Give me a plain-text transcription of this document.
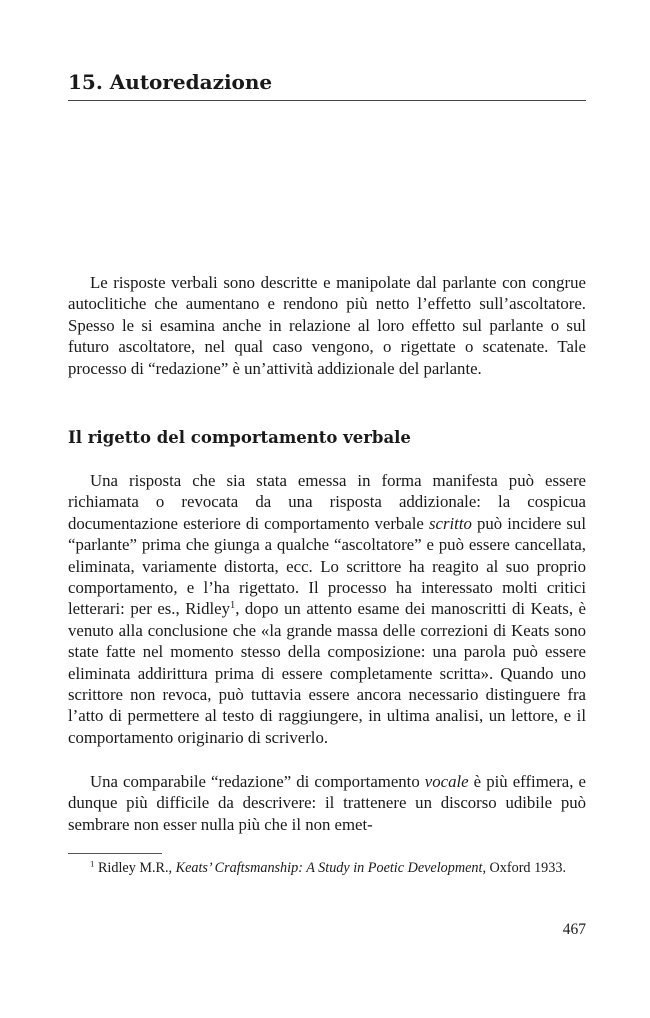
15. Autoredazione

Le risposte verbali sono descritte e manipolate dal parlante con congrue autoclitiche che aumentano e rendono più netto l’effetto sull’ascoltatore. Spesso le si esamina anche in relazione al loro effetto sul parlante o sul futuro ascoltatore, nel qual caso vengono, o rigettate o scatenate. Tale processo di “redazione” è un’attività addizionale del parlante.

Il rigetto del comportamento verbale

Una risposta che sia stata emessa in forma manifesta può essere richiamata o revocata da una risposta addizionale: la cospicua documentazione esteriore di comportamento verbale scritto può incidere sul “parlante” prima che giunga a qualche “ascoltatore” e può essere cancellata, eliminata, variamente distorta, ecc. Lo scrittore ha reagito al suo proprio comportamento, e l’ha rigettato. Il processo ha interessato molti critici letterari: per es., Ridley$^1$, dopo un attento esame dei manoscritti di Keats, è venuto alla conclusione che «la grande massa delle correzioni di Keats sono state fatte nel momento stesso della composizione: una parola può essere eliminata addirittura prima di essere completamente scritta». Quando uno scrittore non revoca, può tuttavia essere ancora necessario distinguere fra l’atto di permettere al testo di raggiungere, in ultima analisi, un lettore, e il comportamento originario di scriverlo.

Una comparabile “redazione” di comportamento vocale è più effimera, e dunque più difficile da descrivere: il trattenere un discorso udibile può sembrare non esser nulla più che il non emet-

$^1$ Ridley M.R., Keats’ Craftsmanship: A Study in Poetic Development, Oxford 1933.

467
